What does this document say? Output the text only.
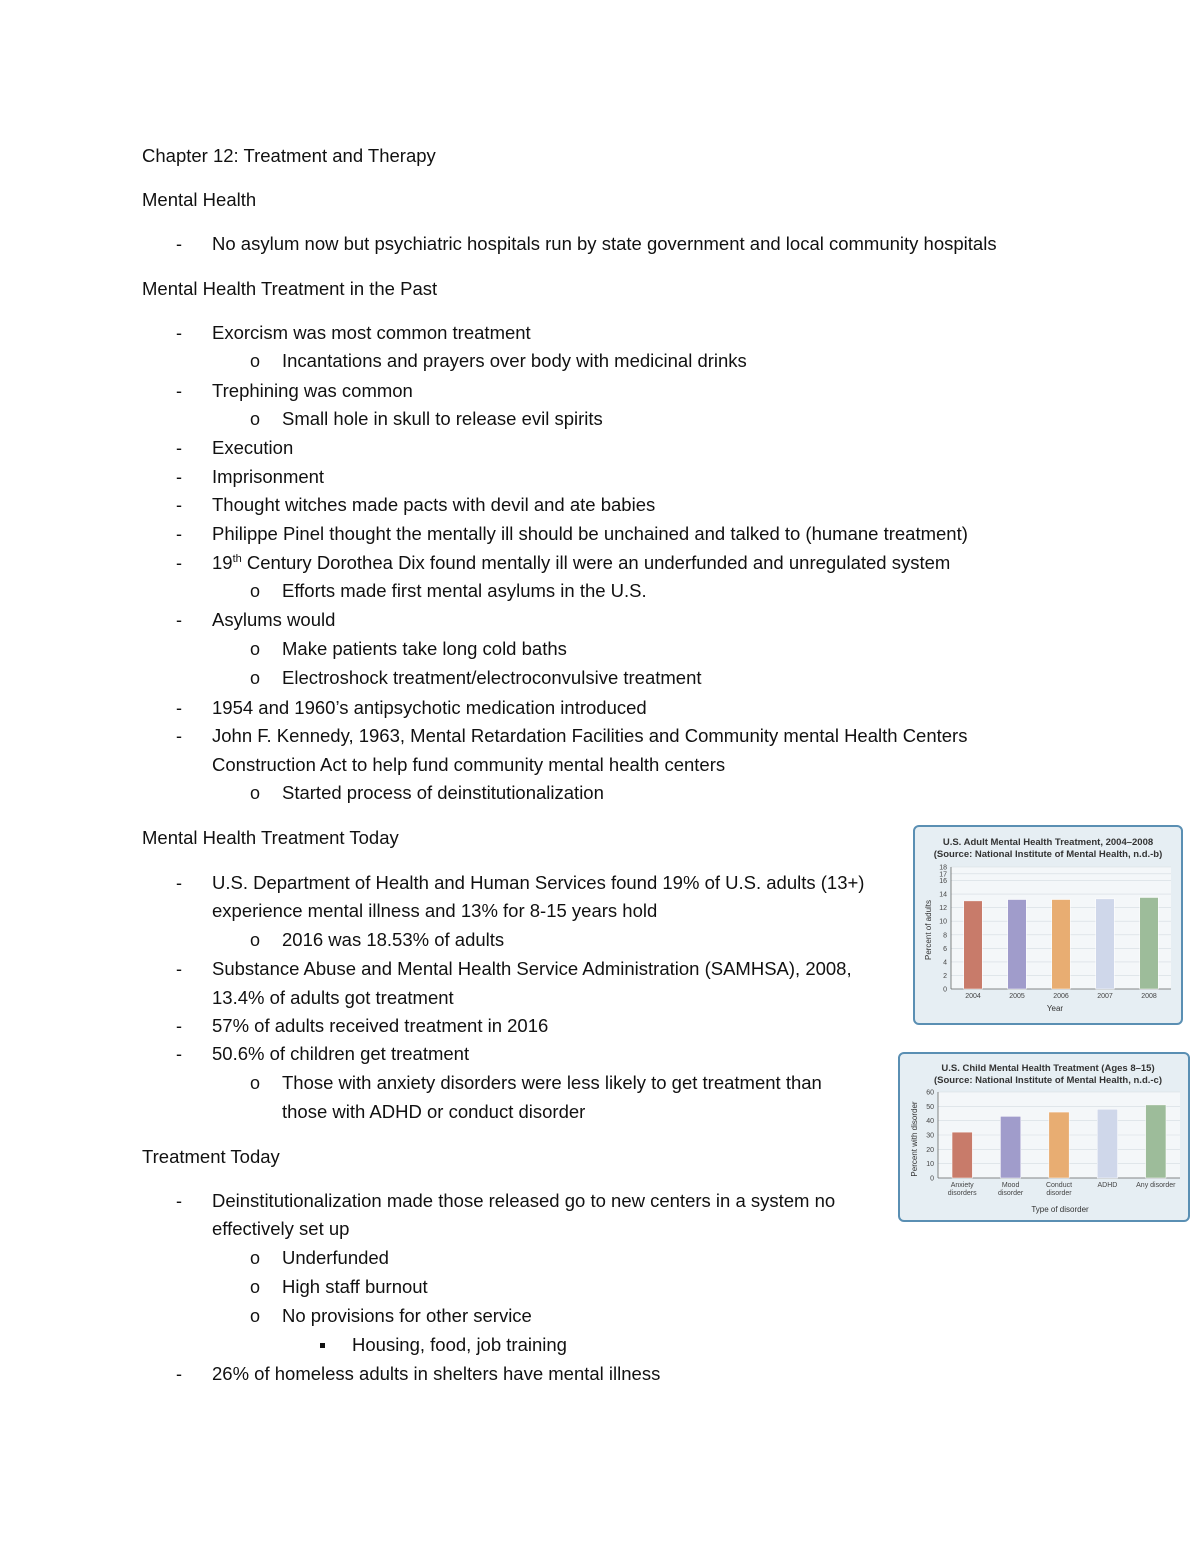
Chapter 12: Treatment and Therapy
Mental Health
- No asylum now but psychiatric hospitals run by state government and local community hospitals
Mental Health Treatment in the Past
- Exorcism was most common treatment
o Incantations and prayers over body with medicinal drinks
- Trephining was common
o Small hole in skull to release evil spirits
- Execution
- Imprisonment
- Thought witches made pacts with devil and ate babies
- Philippe Pinel thought the mentally ill should be unchained and talked to (humane treatment)
- 19th Century Dorothea Dix found mentally ill were an underfunded and unregulated system
o Efforts made first mental asylums in the U.S.
- Asylums would
o Make patients take long cold baths
o Electroshock treatment/electroconvulsive treatment
- 1954 and 1960’s antipsychotic medication introduced
- John F. Kennedy, 1963, Mental Retardation Facilities and Community mental Health Centers
Construction Act to help fund community mental health centers
o Started process of deinstitutionalization
Mental Health Treatment Today
- U.S. Department of Health and Human Services found 19% of U.S. adults (13+)
experience mental illness and 13% for 8-15 years hold
o 2016 was 18.53% of adults
- Substance Abuse and Mental Health Service Administration (SAMHSA), 2008,
13.4% of adults got treatment
- 57% of adults received treatment in 2016
- 50.6% of children get treatment
o Those with anxiety disorders were less likely to get treatment than
those with ADHD or conduct disorder
Treatment Today
- Deinstitutionalization made those released go to new centers in a system no
effectively set up
o Underfunded
o High staff burnout
o No provisions for other service
Housing, food, job training
- 26% of homeless adults in shelters have mental illness
U.S. Adult Mental Health Treatment, 2004–2008
(Source: National Institute of Mental Health, n.d.-b)
0
2
4
6
8
10
12
14
16
17
18
2004	2005	2006	2007	2008
Year
Percent of adults
U.S. Child Mental Health Treatment (Ages 8–15)
(Source: National Institute of Mental Health, n.d.-c)
0
10
20
30
40
50
60
Anxiety
disorders
Mood
disorder
Conduct
disorder
ADHD	Any disorder
Type of disorder
Percent with disorder
